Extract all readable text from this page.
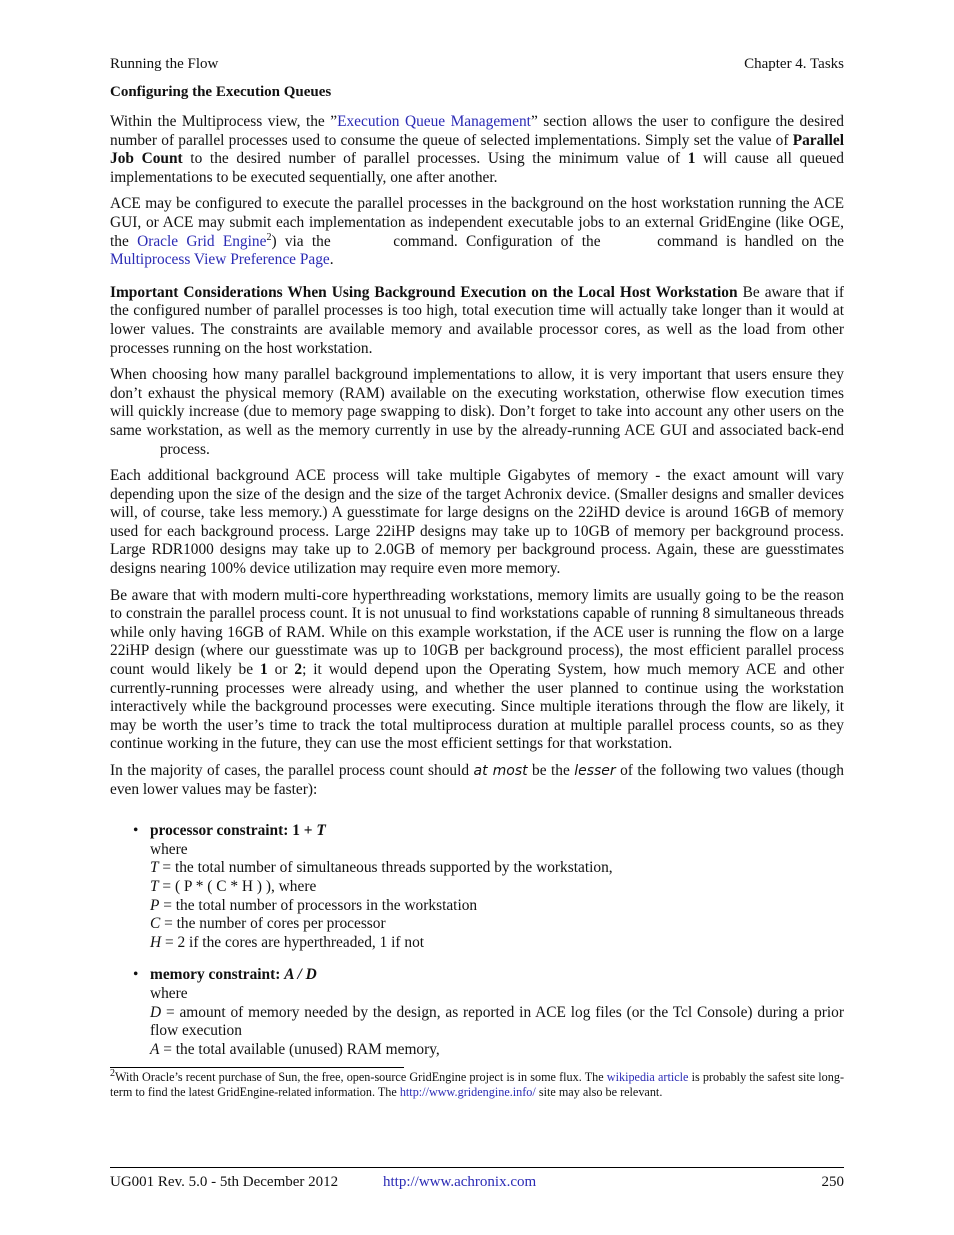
Running the Flow	Chapter 4. Tasks
Configuring the Execution Queues

Within the Multiprocess view, the ”Execution Queue Management” section allows the user to configure the desired number of parallel processes used to consume the queue of selected implementations. Simply set the value of Parallel Job Count to the desired number of parallel processes. Using the minimum value of 1 will cause all queued implementations to be executed sequentially, one after another.

ACE may be configured to execute the parallel processes in the background on the host workstation running the ACE GUI, or ACE may submit each implementation as independent executable jobs to an external GridEngine (like OGE, the Oracle Grid Engine$^2$) via the	command. Configuration of the	command is handled on the Multiprocess View Preference Page.

Important Considerations When Using Background Execution on the Local Host Workstation Be aware that if the configured number of parallel processes is too high, total execution time will actually take longer than it would at lower values. The constraints are available memory and available processor cores, as well as the load from other processes running on the host workstation.

When choosing how many parallel background implementations to allow, it is very important that users ensure they don’t exhaust the physical memory (RAM) available on the executing workstation, otherwise flow execution times will quickly increase (due to memory page swapping to disk). Don’t forget to take into account any other users on the same workstation, as well as the memory currently in use by the already-running ACE GUI and associated back-end  process.

Each additional background ACE process will take multiple Gigabytes of memory - the exact amount will vary depending upon the size of the design and the size of the target Achronix device. (Smaller designs and smaller devices will, of course, take less memory.) A guesstimate for large designs on the 22iHD device is around 16GB of memory used for each background process. Large 22iHP designs may take up to 10GB of memory per background process. Large RDR1000 designs may take up to 2.0GB of memory per background process. Again, these are guesstimates designs nearing 100% device utilization may require even more memory.

Be aware that with modern multi-core hyperthreading workstations, memory limits are usually going to be the reason to constrain the parallel process count. It is not unusual to find workstations capable of running 8 simultaneous threads while only having 16GB of RAM. While on this example workstation, if the ACE user is running the flow on a large 22iHP design (where our guesstimate was up to 10GB per background process), the most efficient parallel process count would likely be 1 or 2; it would depend upon the Operating System, how much memory ACE and other currently-running processes were already using, and whether the user planned to continue using the workstation interactively while the background processes were executing. Since multiple iterations through the flow are likely, it may be worth the user’s time to track the total multiprocess duration at multiple parallel process counts, so as they continue working in the future, they can use the most efficient settings for that workstation.

In the majority of cases, the parallel process count should at most be the lesser of the following two values (though even lower values may be faster):

• processor constraint: 1 + T
where
T = the total number of simultaneous threads supported by the workstation,
T = ( P * ( C * H ) ), where
P = the total number of processors in the workstation
C = the number of cores per processor
H = 2 if the cores are hyperthreaded, 1 if not
• memory constraint: A / D
where
D = amount of memory needed by the design, as reported in ACE log files (or the Tcl Console) during a prior flow execution
A = the total available (unused) RAM memory,
$^2$With Oracle’s recent purchase of Sun, the free, open-source GridEngine project is in some flux. The wikipedia article is probably the safest site long-term to find the latest GridEngine-related information. The http://www.gridengine.info/ site may also be relevant.
UG001 Rev. 5.0 - 5th December 2012	http://www.achronix.com	250
